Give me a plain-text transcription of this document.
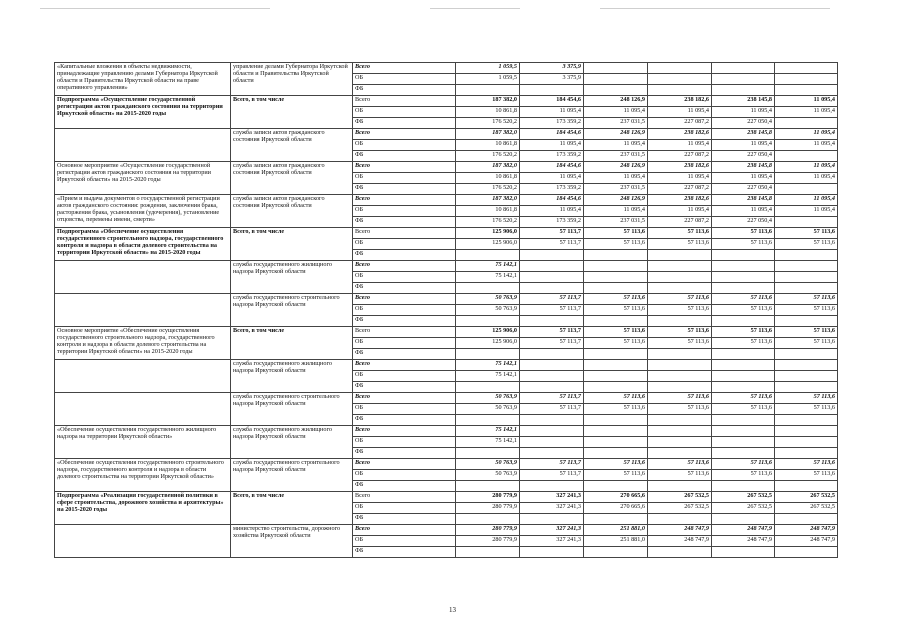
«Капитальные вложения в объекты недвижимости, принадлежащие управлению делами Губернатора Иркутской области и Правительства Иркутской области на праве оперативного управления»	управление делами Губернатора Иркутской области и Правительства Иркутской области	Всего	1 059,5	3 375,9				
		ОБ	1 059,5	3 375,9				
		ФБ						
Подпрограмма «Осуществление государственной регистрации актов гражданского состояния на территории Иркутской области» на 2015-2020 годы	Всего, в том числе	Всего	187 382,0	184 454,6	248 126,9	238 182,6	238 145,8	11 095,4
		ОБ	10 861,8	11 095,4	11 095,4	11 095,4	11 095,4	11 095,4
		ФБ	176 520,2	173 359,2	237 031,5	227 087,2	227 050,4	
	служба записи актов гражданского состояния Иркутской области	Всего	187 382,0	184 454,6	248 126,9	238 182,6	238 145,8	11 095,4
		ОБ	10 861,8	11 095,4	11 095,4	11 095,4	11 095,4	11 095,4
		ФБ	176 520,2	173 359,2	237 031,5	227 087,2	227 050,4	
Основное мероприятие «Осуществление государственной регистрации актов гражданского состояния на территории Иркутской области» на 2015-2020 годы	служба записи актов гражданского состояния Иркутской области	Всего	187 382,0	184 454,6	248 126,9	238 182,6	238 145,8	11 095,4
		ОБ	10 861,8	11 095,4	11 095,4	11 095,4	11 095,4	11 095,4
		ФБ	176 520,2	173 359,2	237 031,5	227 087,2	227 050,4	
«Прием и выдача документов о государственной регистрации актов гражданского состояния: рождения, заключения брака, расторжения брака, усыновления (удочерения), установление отцовства, перемены имени, смерти»	служба записи актов гражданского состояния Иркутской области	Всего	187 382,0	184 454,6	248 126,9	238 182,6	238 145,8	11 095,4
		ОБ	10 861,8	11 095,4	11 095,4	11 095,4	11 095,4	11 095,4
		ФБ	176 520,2	173 359,2	237 031,5	227 087,2	227 050,4	
Подпрограмма «Обеспечение осуществления государственного строительного надзора, государственного контроля и надзора в области долевого строительства на территории Иркутской области» на 2015-2020 годы	Всего, в том числе	Всего	125 906,0	57 113,7	57 113,6	57 113,6	57 113,6	57 113,6
		ОБ	125 906,0	57 113,7	57 113,6	57 113,6	57 113,6	57 113,6
		ФБ						
	служба государственного жилищного надзора Иркутской области	Всего	75 142,1					
		ОБ	75 142,1					
		ФБ						
	служба государственного строительного надзора Иркутской области	Всего	50 763,9	57 113,7	57 113,6	57 113,6	57 113,6	57 113,6
		ОБ	50 763,9	57 113,7	57 113,6	57 113,6	57 113,6	57 113,6
		ФБ						
Основное мероприятие «Обеспечение осуществления государственного строительного надзора, государственного контроля и надзора в области долевого строительства на территории Иркутской области» на 2015-2020 годы	Всего, в том числе	Всего	125 906,0	57 113,7	57 113,6	57 113,6	57 113,6	57 113,6
		ОБ	125 906,0	57 113,7	57 113,6	57 113,6	57 113,6	57 113,6
		ФБ						
	служба государственного жилищного надзора Иркутской области	Всего	75 142,1					
		ОБ	75 142,1					
		ФБ						
	служба государственного строительного надзора Иркутской области	Всего	50 763,9	57 113,7	57 113,6	57 113,6	57 113,6	57 113,6
		ОБ	50 763,9	57 113,7	57 113,6	57 113,6	57 113,6	57 113,6
		ФБ						
«Обеспечение осуществления государственного жилищного надзора на территории Иркутской области»	служба государственного жилищного надзора Иркутской области	Всего	75 142,1					
		ОБ	75 142,1					
		ФБ						
«Обеспечение осуществления государственного строительного надзора, государственного контроля и надзора в области долевого строительства на территории Иркутской области»	служба государственного строительного надзора Иркутской области	Всего	50 763,9	57 113,7	57 113,6	57 113,6	57 113,6	57 113,6
		ОБ	50 763,9	57 113,7	57 113,6	57 113,6	57 113,6	57 113,6
		ФБ						
Подпрограмма «Реализация государственной политики в сфере строительства, дорожного хозяйства и архитектуры» на 2015-2020 годы	Всего, в том числе	Всего	280 779,9	327 241,3	270 665,6	267 532,5	267 532,5	267 532,5
		ОБ	280 779,9	327 241,3	270 665,6	267 532,5	267 532,5	267 532,5
		ФБ						
	министерство строительства, дорожного хозяйства Иркутской области	Всего	280 779,9	327 241,3	251 881,0	248 747,9	248 747,9	248 747,9
		ОБ	280 779,9	327 241,3	251 881,0	248 747,9	248 747,9	248 747,9
		ФБ						
13
